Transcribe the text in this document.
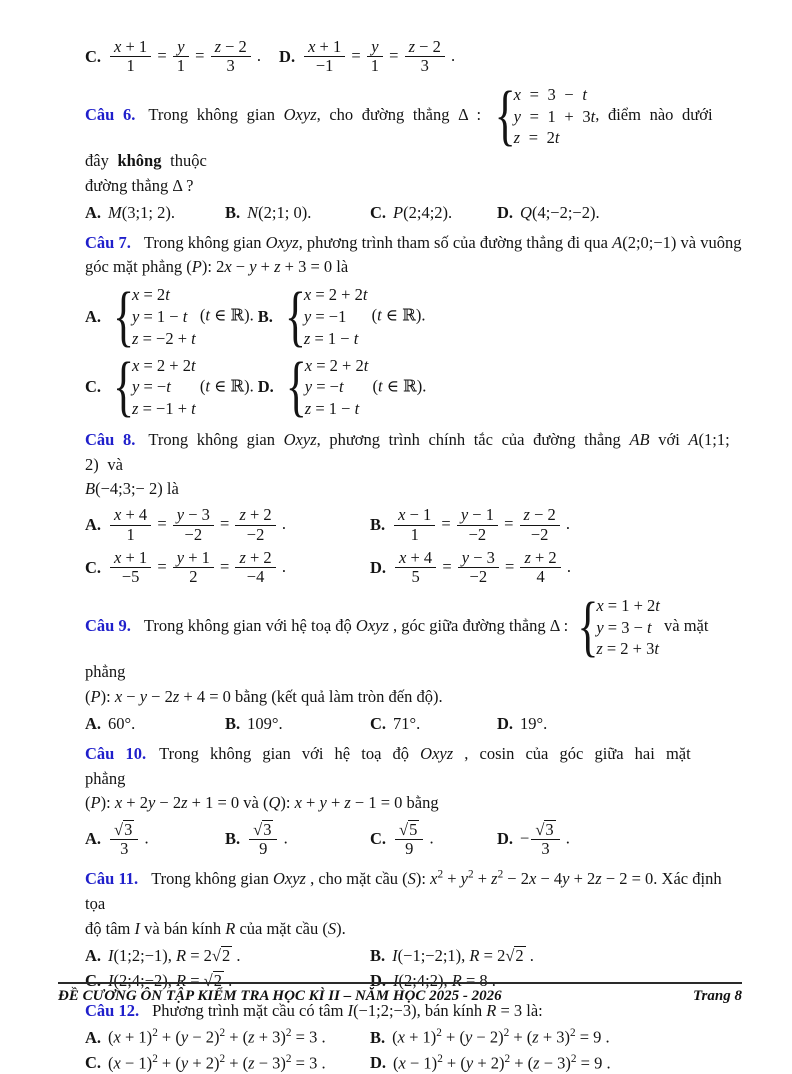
C. $\frac{x + 1}{1} = \frac{y}{1} = \frac{z - 2}{3}$ . D. $\frac{x + 1}{-1} = \frac{y}{1} = \frac{z - 2}{3}$ .
Câu 6. Trong không gian Oxyz, cho đường thẳng Δ :
{ x = 3 − t
y = 1 + 3t
z = 2t
, điểm nào dưới đây không thuộc
đường thẳng Δ ?
A. M(3;1; 2).	B. N(2;1; 0).	C. P(2;4;2).	D. Q(4;−2;−2).
Câu 7. Trong không gian Oxyz, phương trình tham số của đường thẳng đi qua A(2;0;−1) và vuông
góc mặt phẳng (P): 2x − y + z + 3 = 0 là
A.
{ x = 2t
y = 1 − t
z = −2 + t
(t ∈ ℝ). B.
{ x = 2 + 2t
y = −1
z = 1 − t
(t ∈ ℝ).
C.
{ x = 2 + 2t
y = −t
z = −1 + t
(t ∈ ℝ). D.
{ x = 2 + 2t
y = −t
z = 1 − t
(t ∈ ℝ).
Câu 8. Trong không gian Oxyz, phương trình chính tắc của đường thẳng AB với A(1;1; 2) và
B(−4;3;− 2) là
A. $\frac{x + 4}{1} = \frac{y - 3}{-2} = \frac{z + 2}{-2}$ .	B. $\frac{x - 1}{1} = \frac{y - 1}{-2} = \frac{z - 2}{-2}$ .
C. $\frac{x + 1}{-5} = \frac{y + 1}{2} = \frac{z + 2}{-4}$ .	D. $\frac{x + 4}{5} = \frac{y - 3}{-2} = \frac{z + 2}{4}$ .
Câu 9. Trong không gian với hệ toạ độ Oxyz , góc giữa đường thẳng Δ :
{ x = 1 + 2t
y = 3 − t
z = 2 + 3t
và mặt phẳng
(P): x − y − 2z + 4 = 0 bằng (kết quả làm tròn đến độ).
A. 60°.	B. 109°.	C. 71°.	D. 19°.
Câu 10. Trong không gian với hệ toạ độ Oxyz , cosin của góc giữa hai mặt phẳng
(P): x + 2y − 2z + 1 = 0 và (Q): x + y + z − 1 = 0 bằng
A. √ $\frac{3}{3}$ .	B. √ $\frac{3}{9}$ .	C. √ $\frac{5}{9}$ .	D. − √ $\frac{3}{3}$ .
Câu 11. Trong không gian Oxyz , cho mặt cầu (S): $x^2 + y^2 + z^2 - 2x - 4y + 2z - 2 = 0$. Xác định tọa
độ tâm I và bán kính R của mặt cầu (S).
A. I(1;2;−1), R = 2 √ 2 .	B. I(−1;−2;1), R = 2 √ 2 .
C. I(2;4;−2), R = √ 2 .	D. I(2;4;2), R = 8 .
Câu 12. Phương trình mặt cầu có tâm I(−1;2;−3), bán kính R = 3 là:
A. $(x + 1)^2 + (y - 2)^2 + (z + 3)^2 = 3$ .	B. $(x + 1)^2 + (y - 2)^2 + (z + 3)^2 = 9$ .
C. $(x - 1)^2 + (y + 2)^2 + (z - 3)^2 = 3$ .	D. $(x - 1)^2 + (y + 2)^2 + (z - 3)^2 = 9$ .
ĐỀ CƯƠNG ÔN TẬP KIỂM TRA HỌC KÌ II – NĂM HỌC 2025 - 2026	Trang 8
